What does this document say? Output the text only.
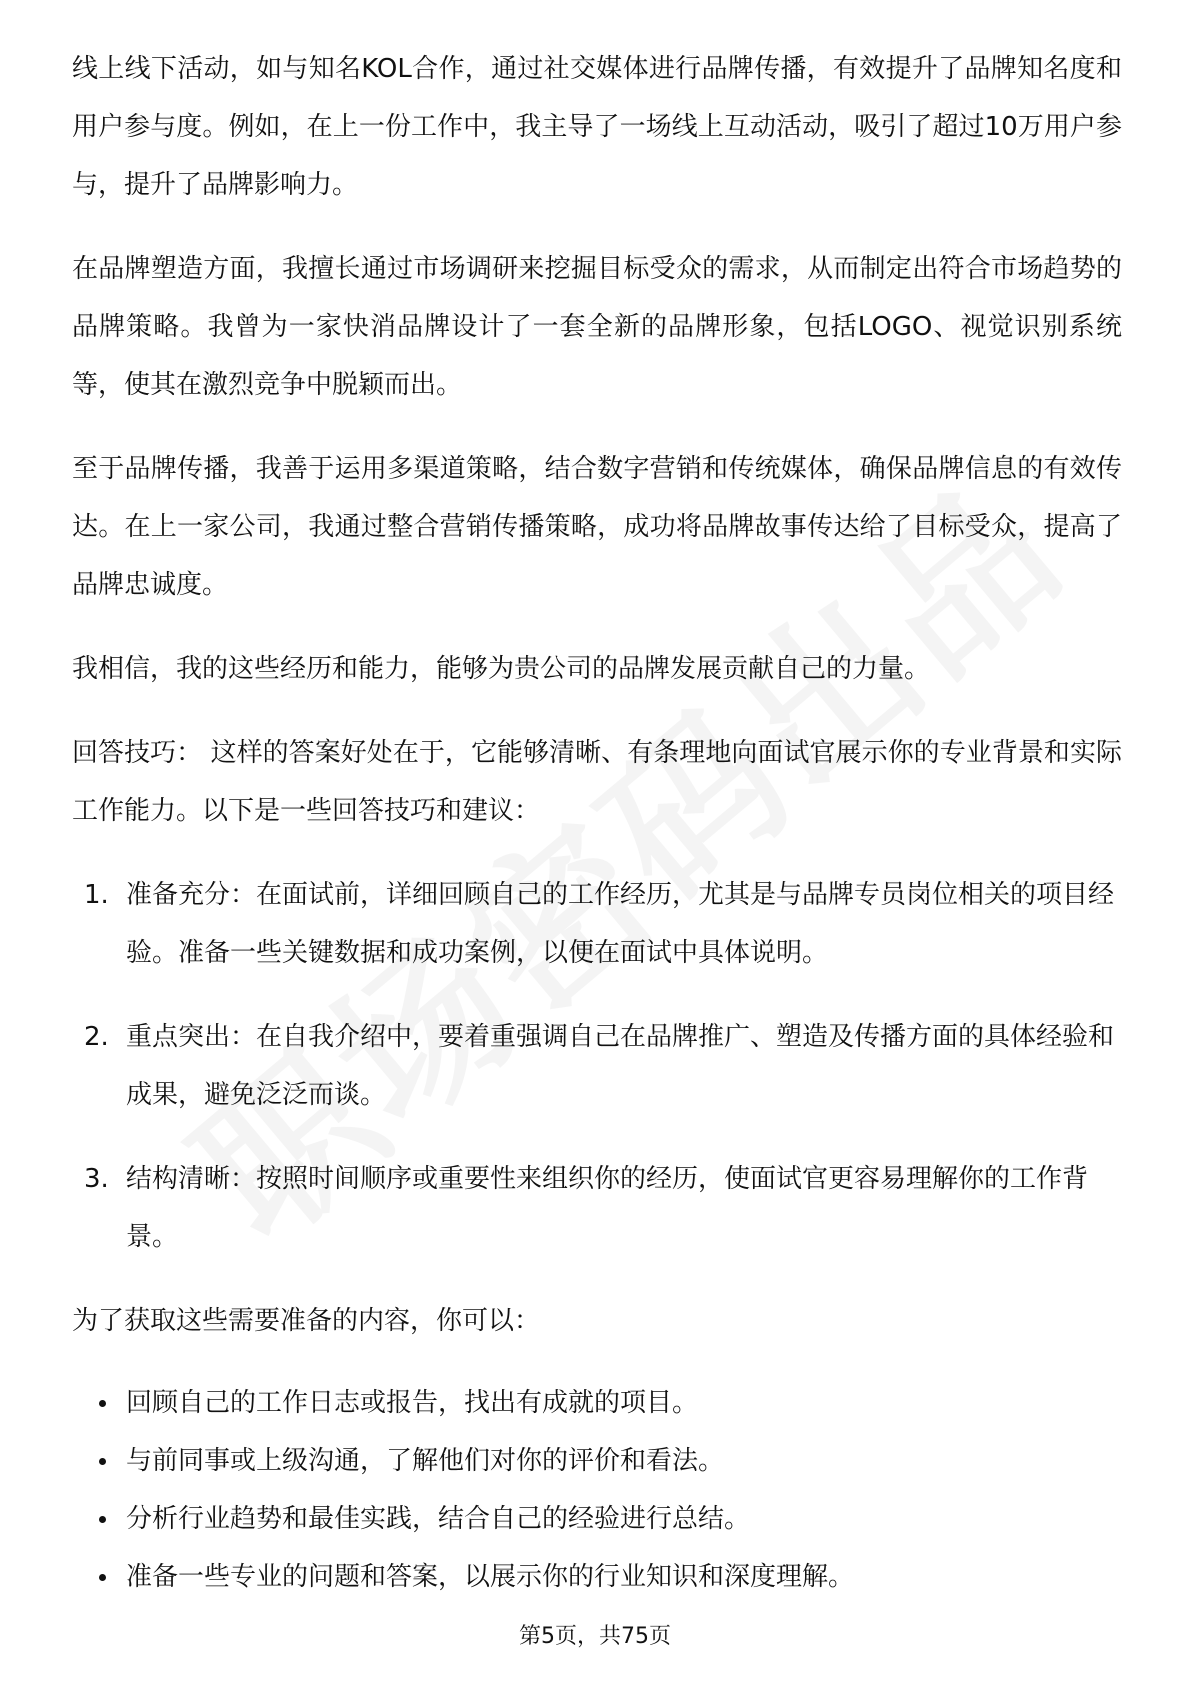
线上线下活动，如与知名KOL合作，通过社交媒体进行品牌传播，有效提升了品牌知名度和用户参与度。例如，在上一份工作中，我主导了一场线上互动活动，吸引了超过10万用户参与，提升了品牌影响力。

在品牌塑造方面，我擅长通过市场调研来挖掘目标受众的需求，从而制定出符合市场趋势的品牌策略。我曾为一家快消品牌设计了一套全新的品牌形象，包括LOGO、视觉识别系统等，使其在激烈竞争中脱颖而出。

至于品牌传播，我善于运用多渠道策略，结合数字营销和传统媒体，确保品牌信息的有效传达。在上一家公司，我通过整合营销传播策略，成功将品牌故事传达给了目标受众，提高了品牌忠诚度。

我相信，我的这些经历和能力，能够为贵公司的品牌发展贡献自己的力量。

回答技巧： 这样的答案好处在于，它能够清晰、有条理地向面试官展示你的专业背景和实际工作能力。以下是一些回答技巧和建议：

1. 准备充分：在面试前，详细回顾自己的工作经历，尤其是与品牌专员岗位相关的项目经验。准备一些关键数据和成功案例，以便在面试中具体说明。
2. 重点突出：在自我介绍中，要着重强调自己在品牌推广、塑造及传播方面的具体经验和成果，避免泛泛而谈。
3. 结构清晰：按照时间顺序或重要性来组织你的经历，使面试官更容易理解你的工作背景。

为了获取这些需要准备的内容，你可以：

回顾自己的工作日志或报告，找出有成就的项目。
与前同事或上级沟通，了解他们对你的评价和看法。
分析行业趋势和最佳实践，结合自己的经验进行总结。
准备一些专业的问题和答案，以展示你的行业知识和深度理解。
第5页，共75页
